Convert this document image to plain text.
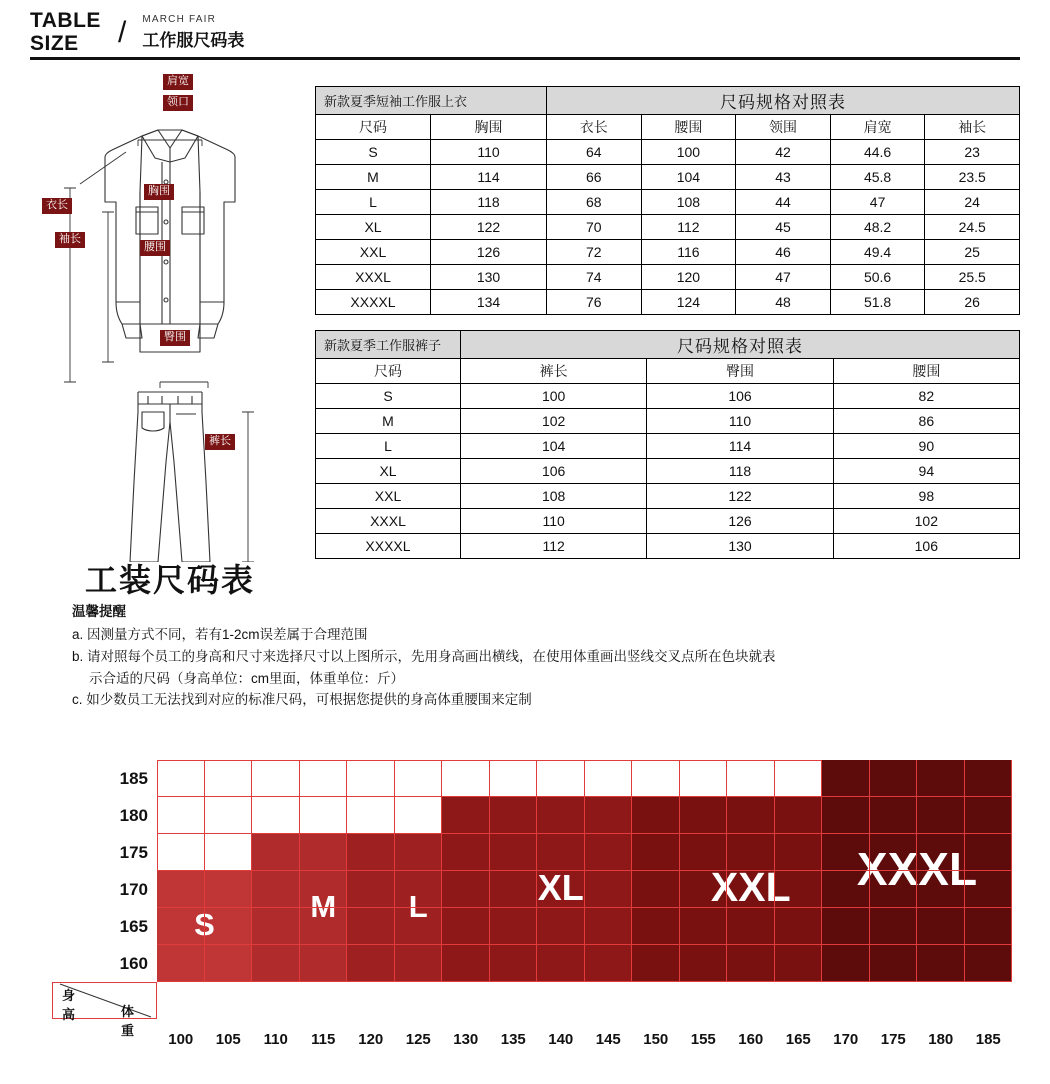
TABLE
SIZE	/ MARCH FAIR
工作服尺码表
肩宽
领口
胸围
衣长
袖长
腰围
臀围
裤长
新款夏季短袖工作服上衣		尺码规格对照表				
尺码	胸围	衣长	腰围	领围	肩宽	袖长
S	110	64	100	42	44.6	23
M	114	66	104	43	45.8	23.5
L	118	68	108	44	47	24
XL	122	70	112	45	48.2	24.5
XXL	126	72	116	46	49.4	25
XXXL	130	74	120	47	50.6	25.5
XXXXL	134	76	124	48	51.8	26
新款夏季工作服裤子	尺码规格对照表		
尺码	裤长	臀围	腰围
S	100	106	82
M	102	110	86
L	104	114	90
XL	106	118	94
XXL	108	122	98
XXXL	110	126	102
XXXXL	112	130	106
工装尺码表

温馨提醒

a. 因测量方式不同，若有1-2cm误差属于合理范围

b. 请对照每个员工的身高和尺寸来选择尺寸以上图所示，先用身高画出横线，在使用体重画出竖线交叉点所在色块就表

示合适的尺码（身高单位：cm里面，体重单位：斤）

c. 如少数员工无法找到对应的标准尺码，可根据您提供的身高体重腰围来定制

S
M	L	XL	XXL	XXXL
185
180
175
170
165
160
身高	体重
100	105	110	115	120	125	130	135	140	145	150	155	160	165	170	175	180	185
